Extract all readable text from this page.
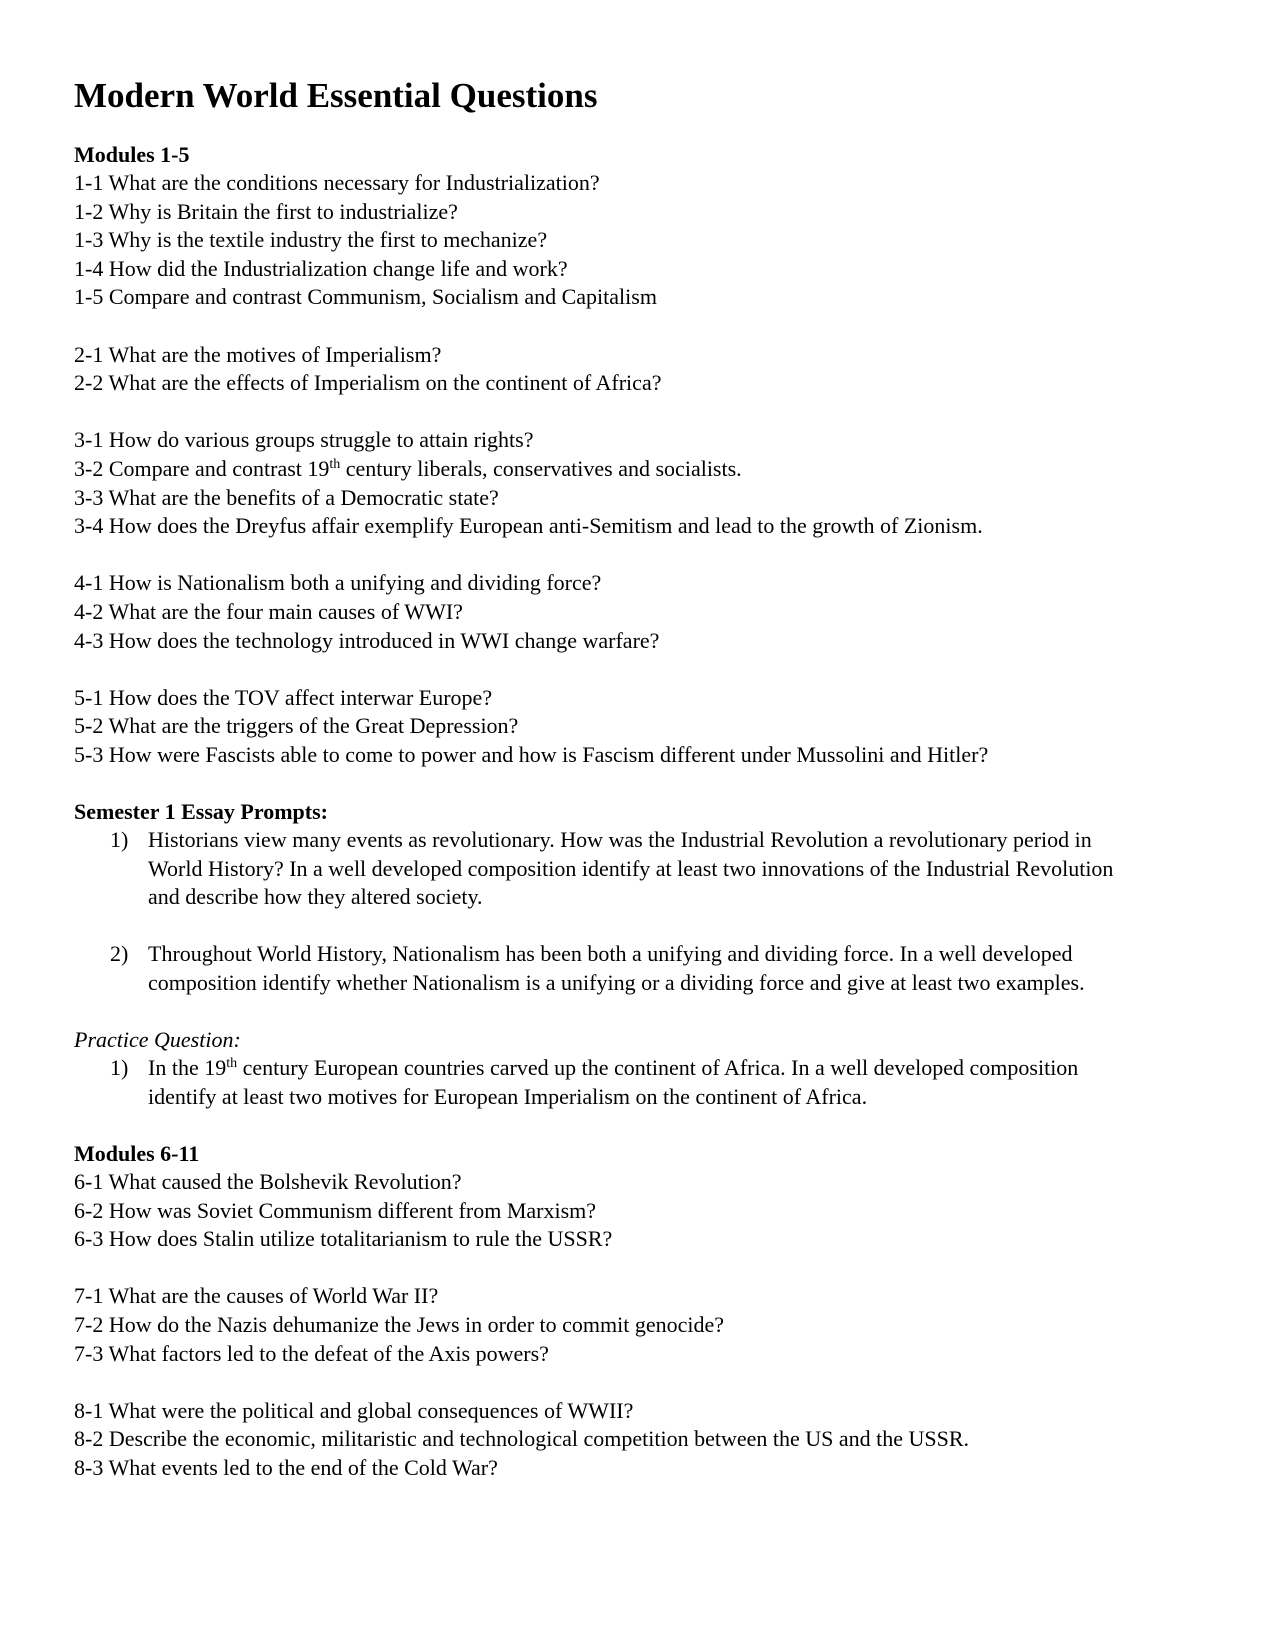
Modern World Essential Questions
Modules 1-5
1-1 What are the conditions necessary for Industrialization?
1-2 Why is Britain the first to industrialize?
1-3 Why is the textile industry the first to mechanize?
1-4 How did the Industrialization change life and work?
1-5 Compare and contrast Communism, Socialism and Capitalism
2-1 What are the motives of Imperialism?
2-2 What are the effects of Imperialism on the continent of Africa?
3-1 How do various groups struggle to attain rights?
3-2 Compare and contrast 19th century liberals, conservatives and socialists.
3-3 What are the benefits of a Democratic state?
3-4 How does the Dreyfus affair exemplify European anti-Semitism and lead to the growth of Zionism.
4-1 How is Nationalism both a unifying and dividing force?
4-2 What are the four main causes of WWI?
4-3 How does the technology introduced in WWI change warfare?
5-1 How does the TOV affect interwar Europe?
5-2 What are the triggers of the Great Depression?
5-3 How were Fascists able to come to power and how is Fascism different under Mussolini and Hitler?
Semester 1 Essay Prompts:
1) Historians view many events as revolutionary. How was the Industrial Revolution a revolutionary period in World History? In a well developed composition identify at least two innovations of the Industrial Revolution and describe how they altered society.
2) Throughout World History, Nationalism has been both a unifying and dividing force. In a well developed composition identify whether Nationalism is a unifying or a dividing force and give at least two examples.
Practice Question:
1) In the 19th century European countries carved up the continent of Africa. In a well developed composition identify at least two motives for European Imperialism on the continent of Africa.
Modules 6-11
6-1 What caused the Bolshevik Revolution?
6-2 How was Soviet Communism different from Marxism?
6-3 How does Stalin utilize totalitarianism to rule the USSR?
7-1 What are the causes of World War II?
7-2 How do the Nazis dehumanize the Jews in order to commit genocide?
7-3 What factors led to the defeat of the Axis powers?
8-1 What were the political and global consequences of WWII?
8-2 Describe the economic, militaristic and technological competition between the US and the USSR.
8-3 What events led to the end of the Cold War?
